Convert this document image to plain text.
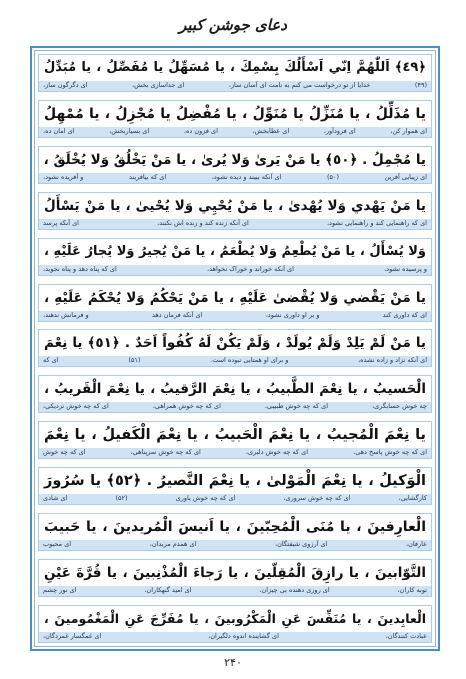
دعای جوشن کبیر
﴿٤٩﴾ اَللّٰهُمَّ اِنّي اَسْأَلُكَ بِسْمِكَ ، يا مُسَهِّلُ يا مُفَصِّلُ ، يا مُبَدِّلُ
(۴۹)
خدایا از تو درخواست می کنم به نامت ای آسان ساز،
ای جداسازی بخش،
ای دگرگون ساز،
يا مُذَلِّلُ ، يا مُنَزِّلُ يا مُنَوِّلُ ، يا مُفْضِلُ يا مُجْزِلُ ، يا مُمْهِلُ
ای هموار کن،
ای فرودآور،
ای عطابخش،
ای فزون ده،
ای بسیاربخش،
ای امان ده،
يا مُجْمِلُ . ﴿٥٠﴾ يا مَنْ يَرىٰ وَلا يُرىٰ ، يا مَنْ يَخْلُقُ وَلا يُخْلَقُ ،
ای زیبایی آفرین
(۵۰)
ای آنکه ببیند و دیده نشود،
ای که بیافریند
و آفریده نشود،
يا مَنْ يَهْدي وَلا يُهْدىٰ ، يا مَنْ يُحْيِي وَلا يُحْيىٰ ، يا مَنْ يَسْأَلُ
ای که راهنمایی کند و راهنمایی نشود،
ای آنکه زنده کند و زنده اش نکنند،
ای آنکه پرسد
وَلا يُسْأَلُ ، يا مَنْ يُطْعِمُ وَلا يُطْعَمُ ، يا مَنْ يُجيرُ وَلا يُجارُ عَلَيْهِ ،
و پرسیده نشود،
ای آنکه خوراند و خوراک نخواهد،
ای که پناه دهد و پناه نجوید،
يا مَنْ يَقْضي وَلا يُقْضىٰ عَلَيْهِ ، يا مَنْ يَحْكُمُ وَلا يُحْكَمُ عَلَيْهِ ،
ای که داوری کند
و بر او داوری نشود،
ای آنکه فرمان دهد
و فرمانش ندهند،
يا مَنْ لَمْ يَلِدْ وَلَمْ يُولَدْ ، وَلَمْ يَكُنْ لَهُ كُفُواً اَحَدٌ . ﴿٥١﴾ يا نِعْمَ
ای آنکه نزاد و زاده نشده،
و برای او همتایی نبوده است.
(۵۱)
ای که
الْحَسيبُ ، يا نِعْمَ الطَّبيبُ ، يا نِعْمَ الرَّقيبُ ، يا نِعْمَ الْقَريبُ ،
چه خوش حسابگری،
ای که چه خوش طبیبی،
ای که چه خوش همراهی،
ای که چه خوش نزدیکی،
يا نِعْمَ الْمُجيبُ ، يا نِعْمَ الْحَبيبُ ، يا نِعْمَ الْكَفيلُ ، يا نِعْمَ
ای که چه خوش پاسخ دهی،
ای که چه خوش دلبری،
ای که چه خوش سرپناهی،
ای که چه خوش
الْوَكيلُ ، يا نِعْمَ الْمَوْلىٰ ، يا نِعْمَ النَّصيرُ . ﴿٥٢﴾ يا سُرُورَ
کارگشایی،
ای که چه خوش سروری،
ای که چه خوش یاوری
(۵۲)
ای شادی
الْعارِفينَ ، يا مُنَى الْمُحِبّينَ ، يا اَنيسَ الْمُريدينَ ، يا حَبيبَ
عارفان،
ای آرزوی شیفتگان،
ای همدم مریدان،
ای محبوب
التَّوّابينَ ، يا رازِقَ الْمُقِلّينَ ، يا رَجاءَ الْمُذْنِبينَ ، يا قُرَّةَ عَيْنِ
توبه کاران،
ای روزی دهنده بی چیزان،
ای امید گنهکاران،
ای نور چشم
الْعابِدينَ ، يا مُنَفِّسَ عَنِ الْمَكْرُوبينَ ، يا مُفَرِّجَ عَنِ الْمَغْمُومينَ ،
عبادت کنندگان،
ای گشاینده اندوه دلگیران،
ای غمگسار غمزدگان،
۲۴۰
